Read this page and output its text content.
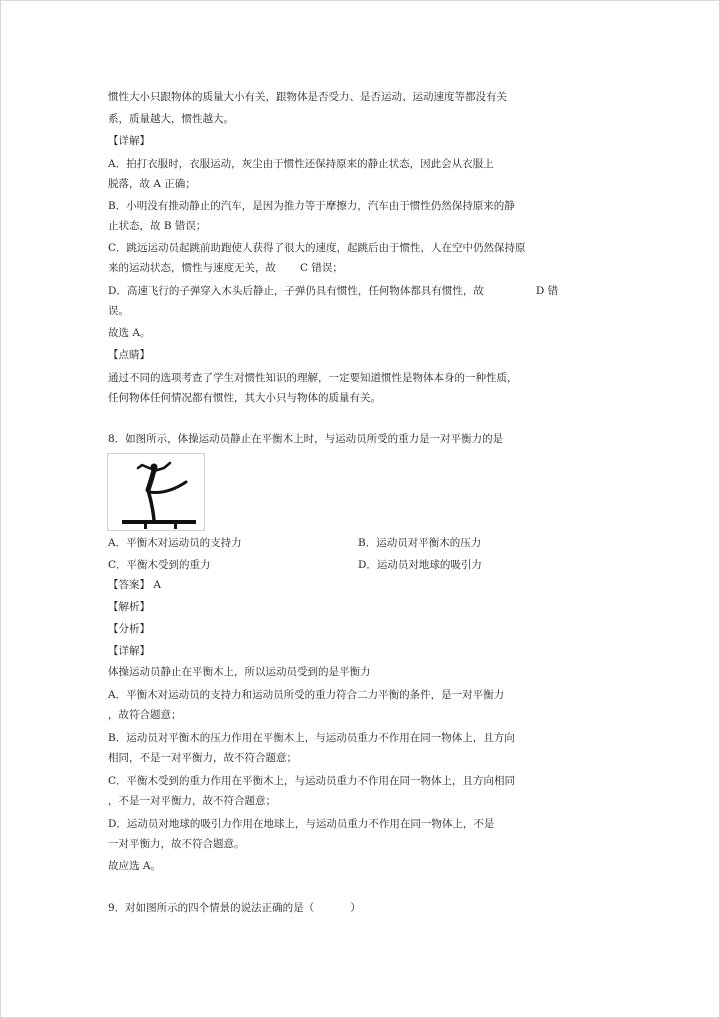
惯性大小只跟物体的质量大小有关，跟物体是否受力、是否运动、运动速度等都没有关
系，质量越大，惯性越大。
【详解】
A．拍打衣服时，衣服运动，灰尘由于惯性还保持原来的静止状态，因此会从衣服上
脱落，故 A 正确；
B．小明没有推动静止的汽车，是因为推力等于摩擦力，汽车由于惯性仍然保持原来的静
止状态，故 B 错误；
C．跳远运动员起跳前助跑使人获得了很大的速度，起跳后由于惯性，人在空中仍然保持原
来的运动状态，惯性与速度无关，故 C 错误；
D．高速飞行的子弹穿入木头后静止，子弹仍具有惯性，任何物体都具有惯性，故	D 错
误。
故选 A。
【点睛】
通过不同的选项考查了学生对惯性知识的理解，一定要知道惯性是物体本身的一种性质，
任何物体任何情况都有惯性，其大小只与物体的质量有关。
8．如图所示，体操运动员静止在平衡木上时，与运动员所受的重力是一对平衡力的是
A．平衡木对运动员的支持力	B．运动员对平衡木的压力
C．平衡木受到的重力	D．运动员对地球的吸引力
【答案】 A
【解析】
【分析】
【详解】
体操运动员静止在平衡木上，所以运动员受到的是平衡力
A．平衡木对运动员的支持力和运动员所受的重力符合二力平衡的条件，是一对平衡力
，故符合题意；
B．运动员对平衡木的压力作用在平衡木上，与运动员重力不作用在同一物体上，且方向
相同，不是一对平衡力，故不符合题意；
C．平衡木受到的重力作用在平衡木上，与运动员重力不作用在同一物体上，且方向相同
，不是一对平衡力，故不符合题意；
D．运动员对地球的吸引力作用在地球上，与运动员重力不作用在同一物体上，不是
一对平衡力，故不符合题意。
故应选 A。
9．对如图所示的四个情景的说法正确的是（	）
